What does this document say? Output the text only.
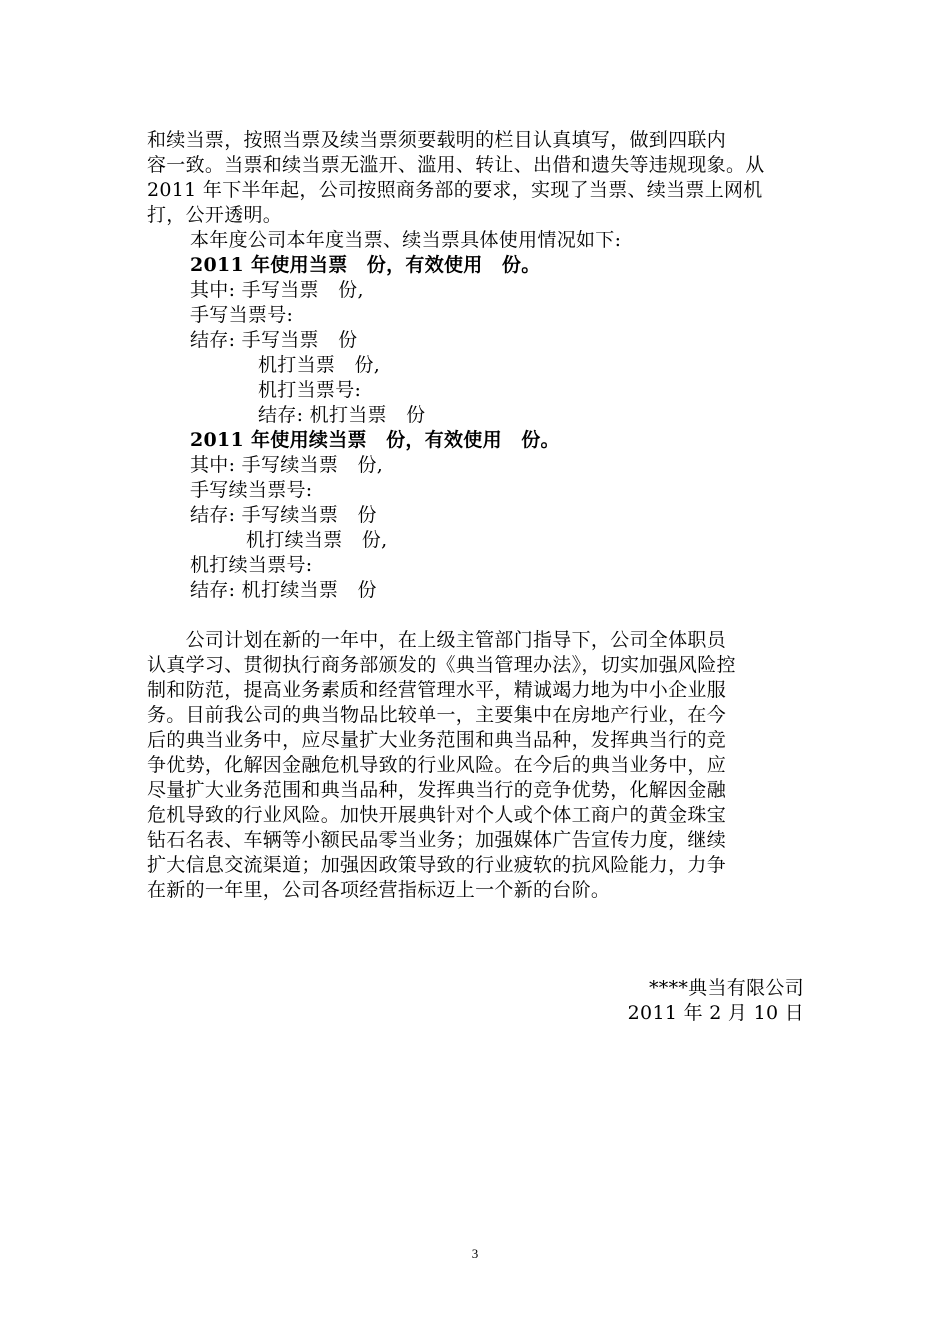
和续当票，按照当票及续当票须要载明的栏目认真填写，做到四联内
容一致。当票和续当票无滥开、滥用、转让、出借和遗失等违规现象。从
2011 年下半年起，公司按照商务部的要求，实现了当票、续当票上网机
打，公开透明。
本年度公司本年度当票、续当票具体使用情况如下:
2011 年使用当票　份，有效使用　份。
其中: 手写当票　份,
手写当票号:
结存: 手写当票　份
机打当票　份,
机打当票号:
结存: 机打当票　份
2011 年使用续当票　份，有效使用　份。
其中: 手写续当票　份,
手写续当票号:
结存: 手写续当票　份
机打续当票　份,
机打续当票号:
结存: 机打续当票　份
　　公司计划在新的一年中，在上级主管部门指导下，公司全体职员
认真学习、贯彻执行商务部颁发的《典当管理办法》，切实加强风险控
制和防范，提高业务素质和经营管理水平，精诚竭力地为中小企业服
务。目前我公司的典当物品比较单一，主要集中在房地产行业，在今
后的典当业务中，应尽量扩大业务范围和典当品种，发挥典当行的竞
争优势，化解因金融危机导致的行业风险。在今后的典当业务中，应
尽量扩大业务范围和典当品种，发挥典当行的竞争优势，化解因金融
危机导致的行业风险。加快开展典针对个人或个体工商户的黄金珠宝
钻石名表、车辆等小额民品零当业务；加强媒体广告宣传力度，继续
扩大信息交流渠道；加强因政策导致的行业疲软的抗风险能力，力争
在新的一年里，公司各项经营指标迈上一个新的台阶。
****典当有限公司
2011 年 2 月 10 日
3
